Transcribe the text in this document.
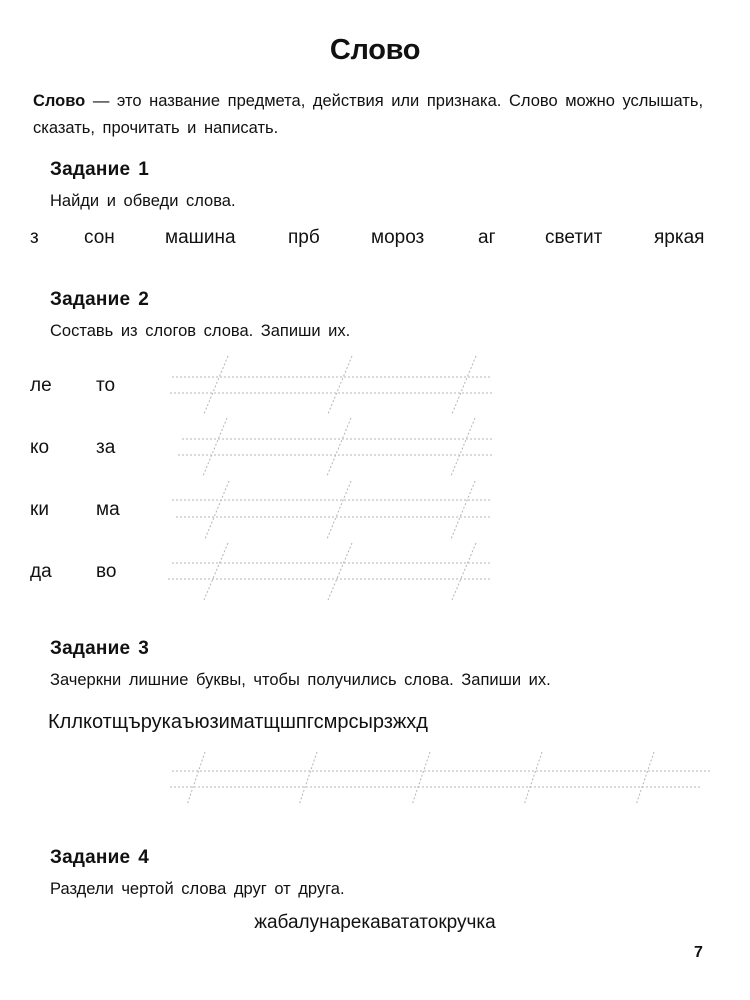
Слово
Слово — это название предмета, действия или признака. Слово можно услышать, сказать, прочитать и написать.
Задание 1
Найди и обведи слова.
з сон	машина	прб	мороз	аг	светит	яркая
Задание 2
Составь из слогов слова. Запиши их.
ле то
ко за
ки ма
да во
Задание 3
Зачеркни лишние буквы, чтобы получились слова. Запиши их.
Кллкотщърукаъюзиматщшпгсмрсырзжхд
Задание 4
Раздели чертой слова друг от друга.
жабалунарекавататокручка
7
